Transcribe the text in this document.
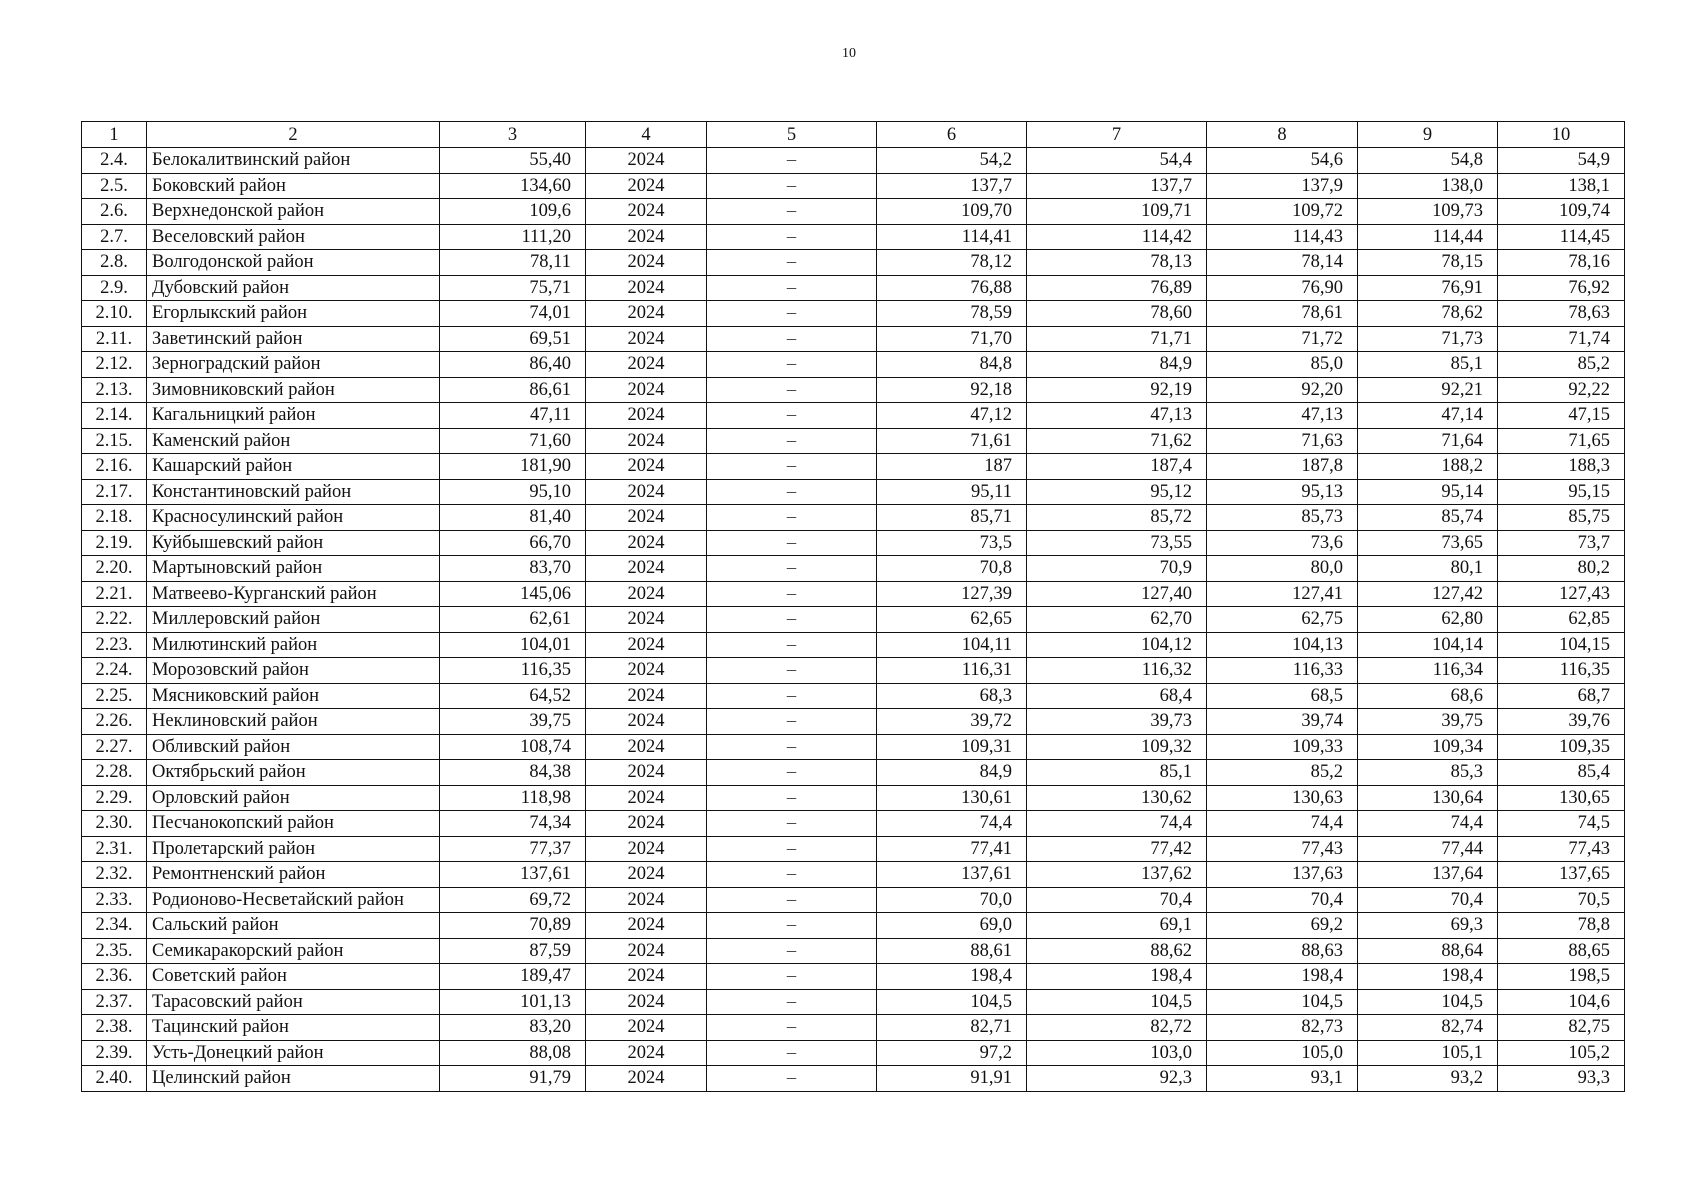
10
1	2	3	4	5	6	7	8	9	10
2.4.	Белокалитвинский район	55,40	2024	–	54,2	54,4	54,6	54,8	54,9
2.5.	Боковский район	134,60	2024	–	137,7	137,7	137,9	138,0	138,1
2.6.	Верхнедонской район	109,6	2024	–	109,70	109,71	109,72	109,73	109,74
2.7.	Веселовский район	111,20	2024	–	114,41	114,42	114,43	114,44	114,45
2.8.	Волгодонской район	78,11	2024	–	78,12	78,13	78,14	78,15	78,16
2.9.	Дубовский район	75,71	2024	–	76,88	76,89	76,90	76,91	76,92
2.10.	Егорлыкский район	74,01	2024	–	78,59	78,60	78,61	78,62	78,63
2.11.	Заветинский район	69,51	2024	–	71,70	71,71	71,72	71,73	71,74
2.12.	Зерноградский район	86,40	2024	–	84,8	84,9	85,0	85,1	85,2
2.13.	Зимовниковский район	86,61	2024	–	92,18	92,19	92,20	92,21	92,22
2.14.	Кагальницкий район	47,11	2024	–	47,12	47,13	47,13	47,14	47,15
2.15.	Каменский район	71,60	2024	–	71,61	71,62	71,63	71,64	71,65
2.16.	Кашарский район	181,90	2024	–	187	187,4	187,8	188,2	188,3
2.17.	Константиновский район	95,10	2024	–	95,11	95,12	95,13	95,14	95,15
2.18.	Красносулинский район	81,40	2024	–	85,71	85,72	85,73	85,74	85,75
2.19.	Куйбышевский район	66,70	2024	–	73,5	73,55	73,6	73,65	73,7
2.20.	Мартыновский район	83,70	2024	–	70,8	70,9	80,0	80,1	80,2
2.21.	Матвеево-Курганский район	145,06	2024	–	127,39	127,40	127,41	127,42	127,43
2.22.	Миллеровский район	62,61	2024	–	62,65	62,70	62,75	62,80	62,85
2.23.	Милютинский район	104,01	2024	–	104,11	104,12	104,13	104,14	104,15
2.24.	Морозовский район	116,35	2024	–	116,31	116,32	116,33	116,34	116,35
2.25.	Мясниковский район	64,52	2024	–	68,3	68,4	68,5	68,6	68,7
2.26.	Неклиновский район	39,75	2024	–	39,72	39,73	39,74	39,75	39,76
2.27.	Обливский район	108,74	2024	–	109,31	109,32	109,33	109,34	109,35
2.28.	Октябрьский район	84,38	2024	–	84,9	85,1	85,2	85,3	85,4
2.29.	Орловский район	118,98	2024	–	130,61	130,62	130,63	130,64	130,65
2.30.	Песчанокопский район	74,34	2024	–	74,4	74,4	74,4	74,4	74,5
2.31.	Пролетарский район	77,37	2024	–	77,41	77,42	77,43	77,44	77,43
2.32.	Ремонтненский район	137,61	2024	–	137,61	137,62	137,63	137,64	137,65
2.33.	Родионово-Несветайский район	69,72	2024	–	70,0	70,4	70,4	70,4	70,5
2.34.	Сальский район	70,89	2024	–	69,0	69,1	69,2	69,3	78,8
2.35.	Семикаракорский район	87,59	2024	–	88,61	88,62	88,63	88,64	88,65
2.36.	Советский район	189,47	2024	–	198,4	198,4	198,4	198,4	198,5
2.37.	Тарасовский район	101,13	2024	–	104,5	104,5	104,5	104,5	104,6
2.38.	Тацинский район	83,20	2024	–	82,71	82,72	82,73	82,74	82,75
2.39.	Усть-Донецкий район	88,08	2024	–	97,2	103,0	105,0	105,1	105,2
2.40.	Целинский район	91,79	2024	–	91,91	92,3	93,1	93,2	93,3
